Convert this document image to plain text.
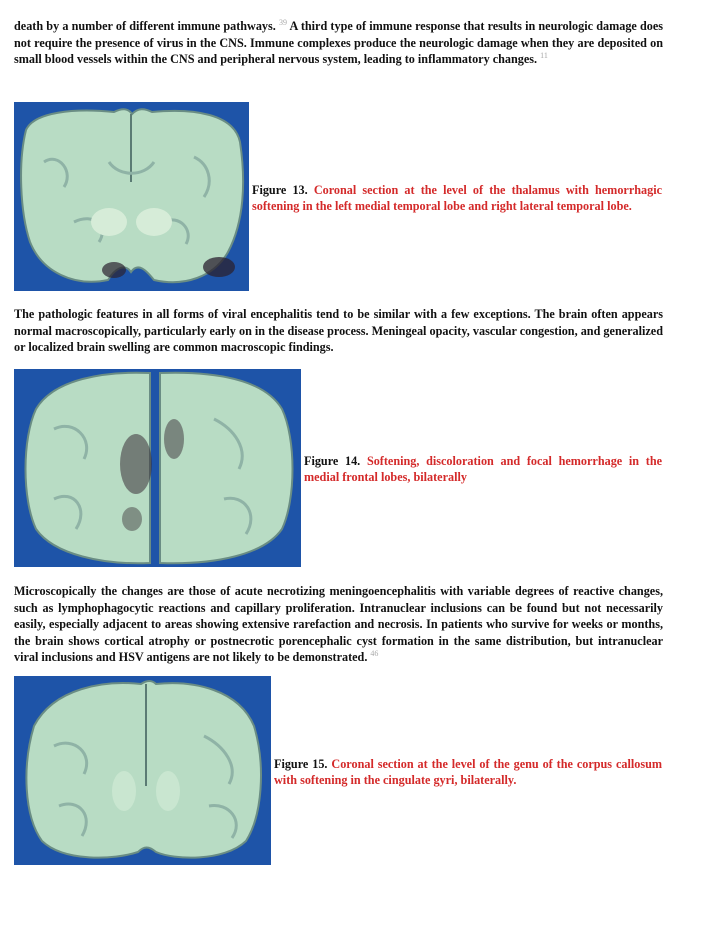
death by a number of different immune pathways. $^{39}$ A third type of immune response that results in neurologic damage does not require the presence of virus in the CNS. Immune complexes produce the neurologic damage when they are deposited on small blood vessels within the CNS and peripheral nervous system, leading to inflammatory changes. $^{11}$

Figure 13. Coronal section at the level of the thalamus with hemorrhagic softening in the left medial temporal lobe and right lateral temporal lobe.

The pathologic features in all forms of viral encephalitis tend to be similar with a few exceptions. The brain often appears normal macroscopically, particularly early on in the disease process. Meningeal opacity, vascular congestion, and generalized or localized brain swelling are common macroscopic findings.

Figure 14. Softening, discoloration and focal hemorrhage in the medial frontal lobes, bilaterally

Microscopically the changes are those of acute necrotizing meningoencephalitis with variable degrees of reactive changes, such as lymphophagocytic reactions and capillary proliferation. Intranuclear inclusions can be found but not necessarily easily, especially adjacent to areas showing extensive rarefaction and necrosis. In patients who survive for weeks or months, the brain shows cortical atrophy or postnecrotic porencephalic cyst formation in the same distribution, but intranuclear viral inclusions and HSV antigens are not likely to be demonstrated. $^{46}$

Figure 15. Coronal section at the level of the genu of the corpus callosum with softening in the cingulate gyri, bilaterally.
